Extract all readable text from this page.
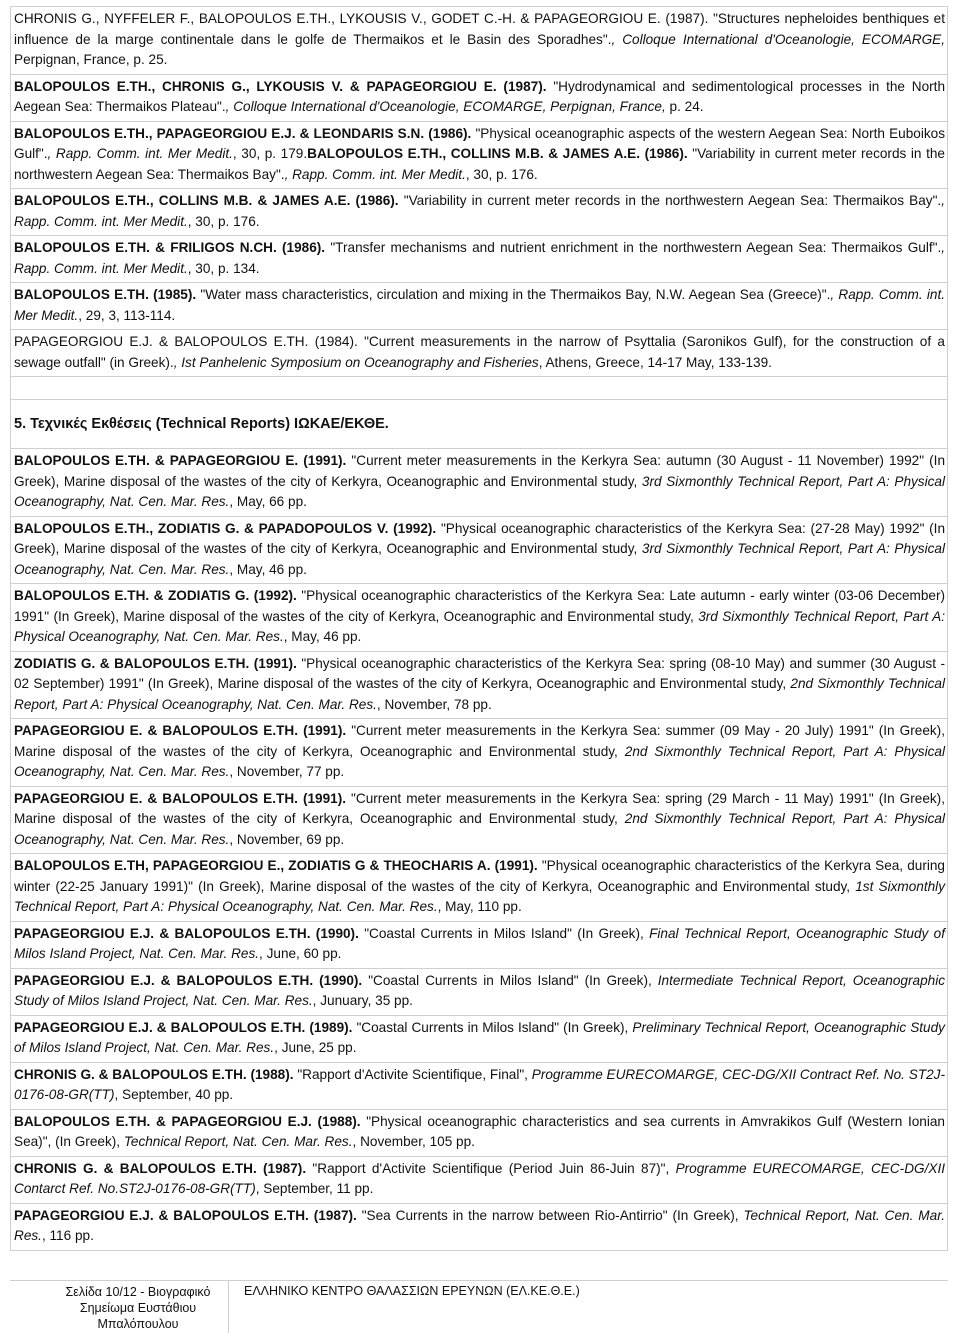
CHRONIS G., NYFFELER F., BALOPOULOS E.TH., LYKOUSIS V., GODET C.-H. & PAPAGEORGIOU E. (1987). "Structures nepheloides benthiques et influence de la marge continentale dans le golfe de Thermaikos et le Basin des Sporadhes"., Colloque International d'Oceanologie, ECOMARGE, Perpignan, France, p. 25.
BALOPOULOS E.TH., CHRONIS G., LYKOUSIS V. & PAPAGEORGIOU E. (1987). "Hydrodynamical and sedimentological processes in the North Aegean Sea: Thermaikos Plateau"., Colloque International d'Oceanologie, ECOMARGE, Perpignan, France, p. 24.
BALOPOULOS E.TH., PAPAGEORGIOU E.J. & LEONDARIS S.N. (1986). "Physical oceanographic aspects of the western Aegean Sea: North Euboikos Gulf"., Rapp. Comm. int. Mer Medit., 30, p. 179.BALOPOULOS E.TH., COLLINS M.B. & JAMES A.E. (1986). "Variability in current meter records in the northwestern Aegean Sea: Thermaikos Bay"., Rapp. Comm. int. Mer Medit., 30, p. 176.
BALOPOULOS E.TH., COLLINS M.B. & JAMES A.E. (1986). "Variability in current meter records in the northwestern Aegean Sea: Thermaikos Bay"., Rapp. Comm. int. Mer Medit., 30, p. 176.
BALOPOULOS E.TH. & FRILIGOS N.CH. (1986). "Transfer mechanisms and nutrient enrichment in the northwestern Aegean Sea: Thermaikos Gulf"., Rapp. Comm. int. Mer Medit., 30, p. 134.
BALOPOULOS E.TH. (1985). "Water mass characteristics, circulation and mixing in the Thermaikos Bay, N.W. Aegean Sea (Greece)"., Rapp. Comm. int. Mer Medit., 29, 3, 113-114.
PAPAGEORGIOU E.J. & BALOPOULOS E.TH. (1984). "Current measurements in the narrow of Psyttalia (Saronikos Gulf), for the construction of a sewage outfall" (in Greek)., Ist Panhelenic Symposium on Oceanography and Fisheries, Athens, Greece, 14-17 May, 133-139.
5. Τεχνικές Εκθέσεις (Technical Reports) ΙΩΚΑΕ/ΕΚΘΕ.
BALOPOULOS E.TH. & PAPAGEORGIOU E. (1991). "Current meter measurements in the Kerkyra Sea: autumn (30 August - 11 November) 1992" (In Greek), Marine disposal of the wastes of the city of Kerkyra, Oceanographic and Environmental study, 3rd Sixmonthly Technical Report, Part A: Physical Oceanography, Nat. Cen. Mar. Res., May, 66 pp.
BALOPOULOS E.TH., ZODIATIS G. & PAPADOPOULOS V. (1992). "Physical oceanographic characteristics of the Kerkyra Sea: (27-28 May) 1992" (In Greek), Marine disposal of the wastes of the city of Kerkyra, Oceanographic and Environmental study, 3rd Sixmonthly Technical Report, Part A: Physical Oceanography, Nat. Cen. Mar. Res., May, 46 pp.
BALOPOULOS E.TH. & ZODIATIS G. (1992). "Physical oceanographic characteristics of the Kerkyra Sea: Late autumn - early winter (03-06 December) 1991" (In Greek), Marine disposal of the wastes of the city of Kerkyra, Oceanographic and Environmental study, 3rd Sixmonthly Technical Report, Part A: Physical Oceanography, Nat. Cen. Mar. Res., May, 46 pp.
ZODIATIS G. & BALOPOULOS E.TH. (1991). "Physical oceanographic characteristics of the Kerkyra Sea: spring (08-10 May) and summer (30 August - 02 September) 1991" (In Greek), Marine disposal of the wastes of the city of Kerkyra, Oceanographic and Environmental study, 2nd Sixmonthly Technical Report, Part A: Physical Oceanography, Nat. Cen. Mar. Res., November, 78 pp.
PAPAGEORGIOU E. & BALOPOULOS E.TH. (1991). "Current meter measurements in the Kerkyra Sea: summer (09 May - 20 July) 1991" (In Greek), Marine disposal of the wastes of the city of Kerkyra, Oceanographic and Environmental study, 2nd Sixmonthly Technical Report, Part A: Physical Oceanography, Nat. Cen. Mar. Res., November, 77 pp.
PAPAGEORGIOU E. & BALOPOULOS E.TH. (1991). "Current meter measurements in the Kerkyra Sea: spring (29 March - 11 May) 1991" (In Greek), Marine disposal of the wastes of the city of Kerkyra, Oceanographic and Environmental study, 2nd Sixmonthly Technical Report, Part A: Physical Oceanography, Nat. Cen. Mar. Res., November, 69 pp.
BALOPOULOS E.TH, PAPAGEORGIOU E., ZODIATIS G & THEOCHARIS A. (1991). "Physical oceanographic characteristics of the Kerkyra Sea, during winter (22-25 January 1991)" (In Greek), Marine disposal of the wastes of the city of Kerkyra, Oceanographic and Environmental study, 1st Sixmonthly Technical Report, Part A: Physical Oceanography, Nat. Cen. Mar. Res., May, 110 pp.
PAPAGEORGIOU E.J. & BALOPOULOS E.TH. (1990). "Coastal Currents in Milos Island" (In Greek), Final Technical Report, Oceanographic Study of Milos Island Project, Nat. Cen. Mar. Res., June, 60 pp.
PAPAGEORGIOU E.J. & BALOPOULOS E.TH. (1990). "Coastal Currents in Milos Island" (In Greek), Intermediate Technical Report, Oceanographic Study of Milos Island Project, Nat. Cen. Mar. Res., Junuary, 35 pp.
PAPAGEORGIOU E.J. & BALOPOULOS E.TH. (1989). "Coastal Currents in Milos Island" (In Greek), Preliminary Technical Report, Oceanographic Study of Milos Island Project, Nat. Cen. Mar. Res., June, 25 pp.
CHRONIS G. & BALOPOULOS E.TH. (1988). "Rapport d'Activite Scientifique, Final", Programme EURECOMARGE, CEC-DG/XII Contract Ref. No. ST2J-0176-08-GR(TT), September, 40 pp.
BALOPOULOS E.TH. & PAPAGEORGIOU E.J. (1988). "Physical oceanographic characteristics and sea currents in Amvrakikos Gulf (Western Ionian Sea)", (In Greek), Technical Report, Nat. Cen. Mar. Res., November, 105 pp.
CHRONIS G. & BALOPOULOS E.TH. (1987). "Rapport d'Activite Scientifique (Period Juin 86-Juin 87)", Programme EURECOMARGE, CEC-DG/XII Contarct Ref. No.ST2J-0176-08-GR(TT), September, 11 pp.
PAPAGEORGIOU E.J. & BALOPOULOS E.TH. (1987). "Sea Currents in the narrow between Rio-Antirrio" (In Greek), Technical Report, Nat. Cen. Mar. Res., 116 pp.
Σελίδα 10/12 - Βιογραφικό Σημείωμα Ευστάθιου Μπαλόπουλου
ΕΛΛΗΝΙΚΟ ΚΕΝΤΡΟ ΘΑΛΑΣΣΙΩΝ ΕΡΕΥΝΩΝ (ΕΛ.ΚΕ.Θ.Ε.)
